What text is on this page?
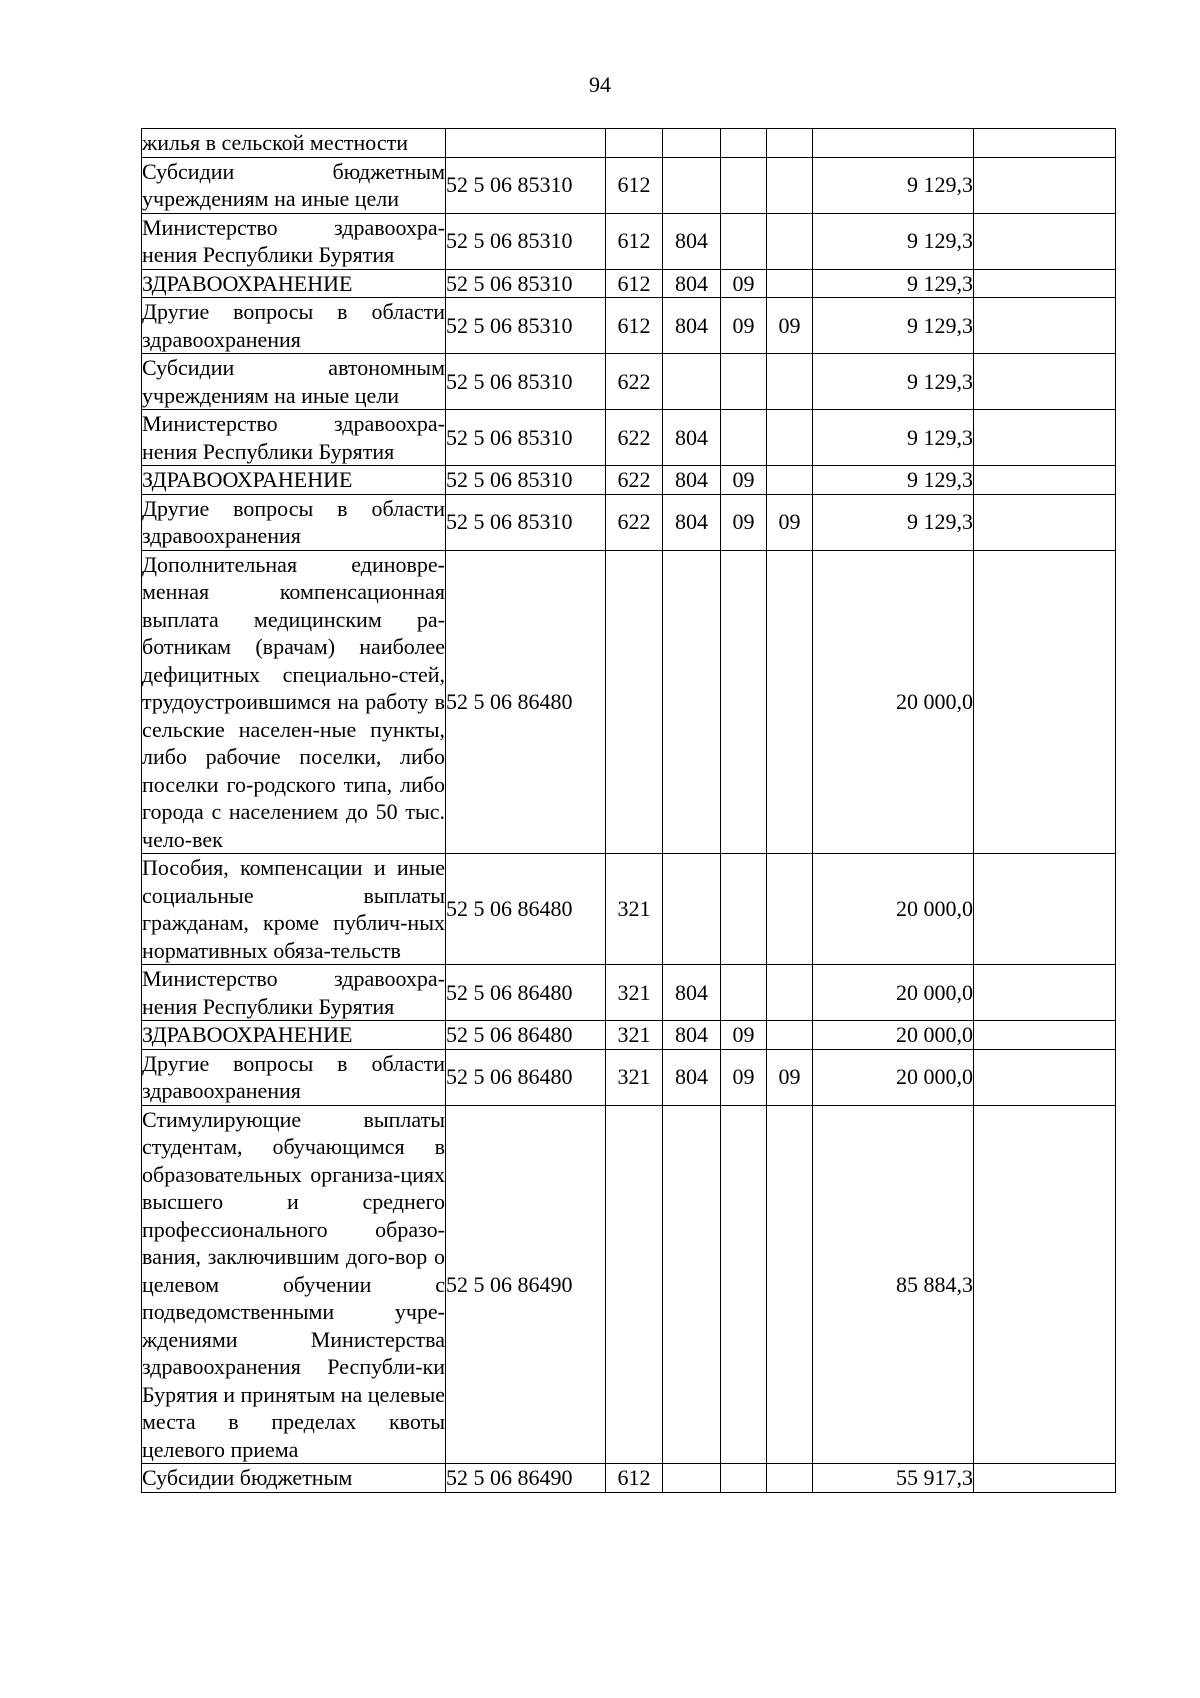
94
жилья в сельской местности							
Субсидии бюджетным учреждениям на иные цели	52 5 06 85310	612				9 129,3	
Министерство здравоохра-нения Республики Бурятия	52 5 06 85310	612	804			9 129,3	
ЗДРАВООХРАНЕНИЕ	52 5 06 85310	612	804	09		9 129,3	
Другие вопросы в области здравоохранения	52 5 06 85310	612	804	09	09	9 129,3	
Субсидии автономным учреждениям на иные цели	52 5 06 85310	622				9 129,3	
Министерство здравоохра-нения Республики Бурятия	52 5 06 85310	622	804			9 129,3	
ЗДРАВООХРАНЕНИЕ	52 5 06 85310	622	804	09		9 129,3	
Другие вопросы в области здравоохранения	52 5 06 85310	622	804	09	09	9 129,3	
Дополнительная единовре-менная компенсационная выплата медицинским ра-ботникам (врачам) наиболее дефицитных специально-стей, трудоустроившимся на работу в сельские населен-ные пункты, либо рабочие поселки, либо поселки го-родского типа, либо города с населением до 50 тыс. чело-век	52 5 06 86480					20 000,0	
Пособия, компенсации и иные социальные выплаты гражданам, кроме публич-ных нормативных обяза-тельств	52 5 06 86480	321				20 000,0	
Министерство здравоохра-нения Республики Бурятия	52 5 06 86480	321	804			20 000,0	
ЗДРАВООХРАНЕНИЕ	52 5 06 86480	321	804	09		20 000,0	
Другие вопросы в области здравоохранения	52 5 06 86480	321	804	09	09	20 000,0	
Стимулирующие выплаты студентам, обучающимся в образовательных организа-циях высшего и среднего профессионального образо-вания, заключившим дого-вор о целевом обучении с подведомственными учре-ждениями Министерства здравоохранения Республи-ки Бурятия и принятым на целевые места в пределах квоты целевого приема	52 5 06 86490					85 884,3	
Субсидии бюджетным	52 5 06 86490	612				55 917,3	
